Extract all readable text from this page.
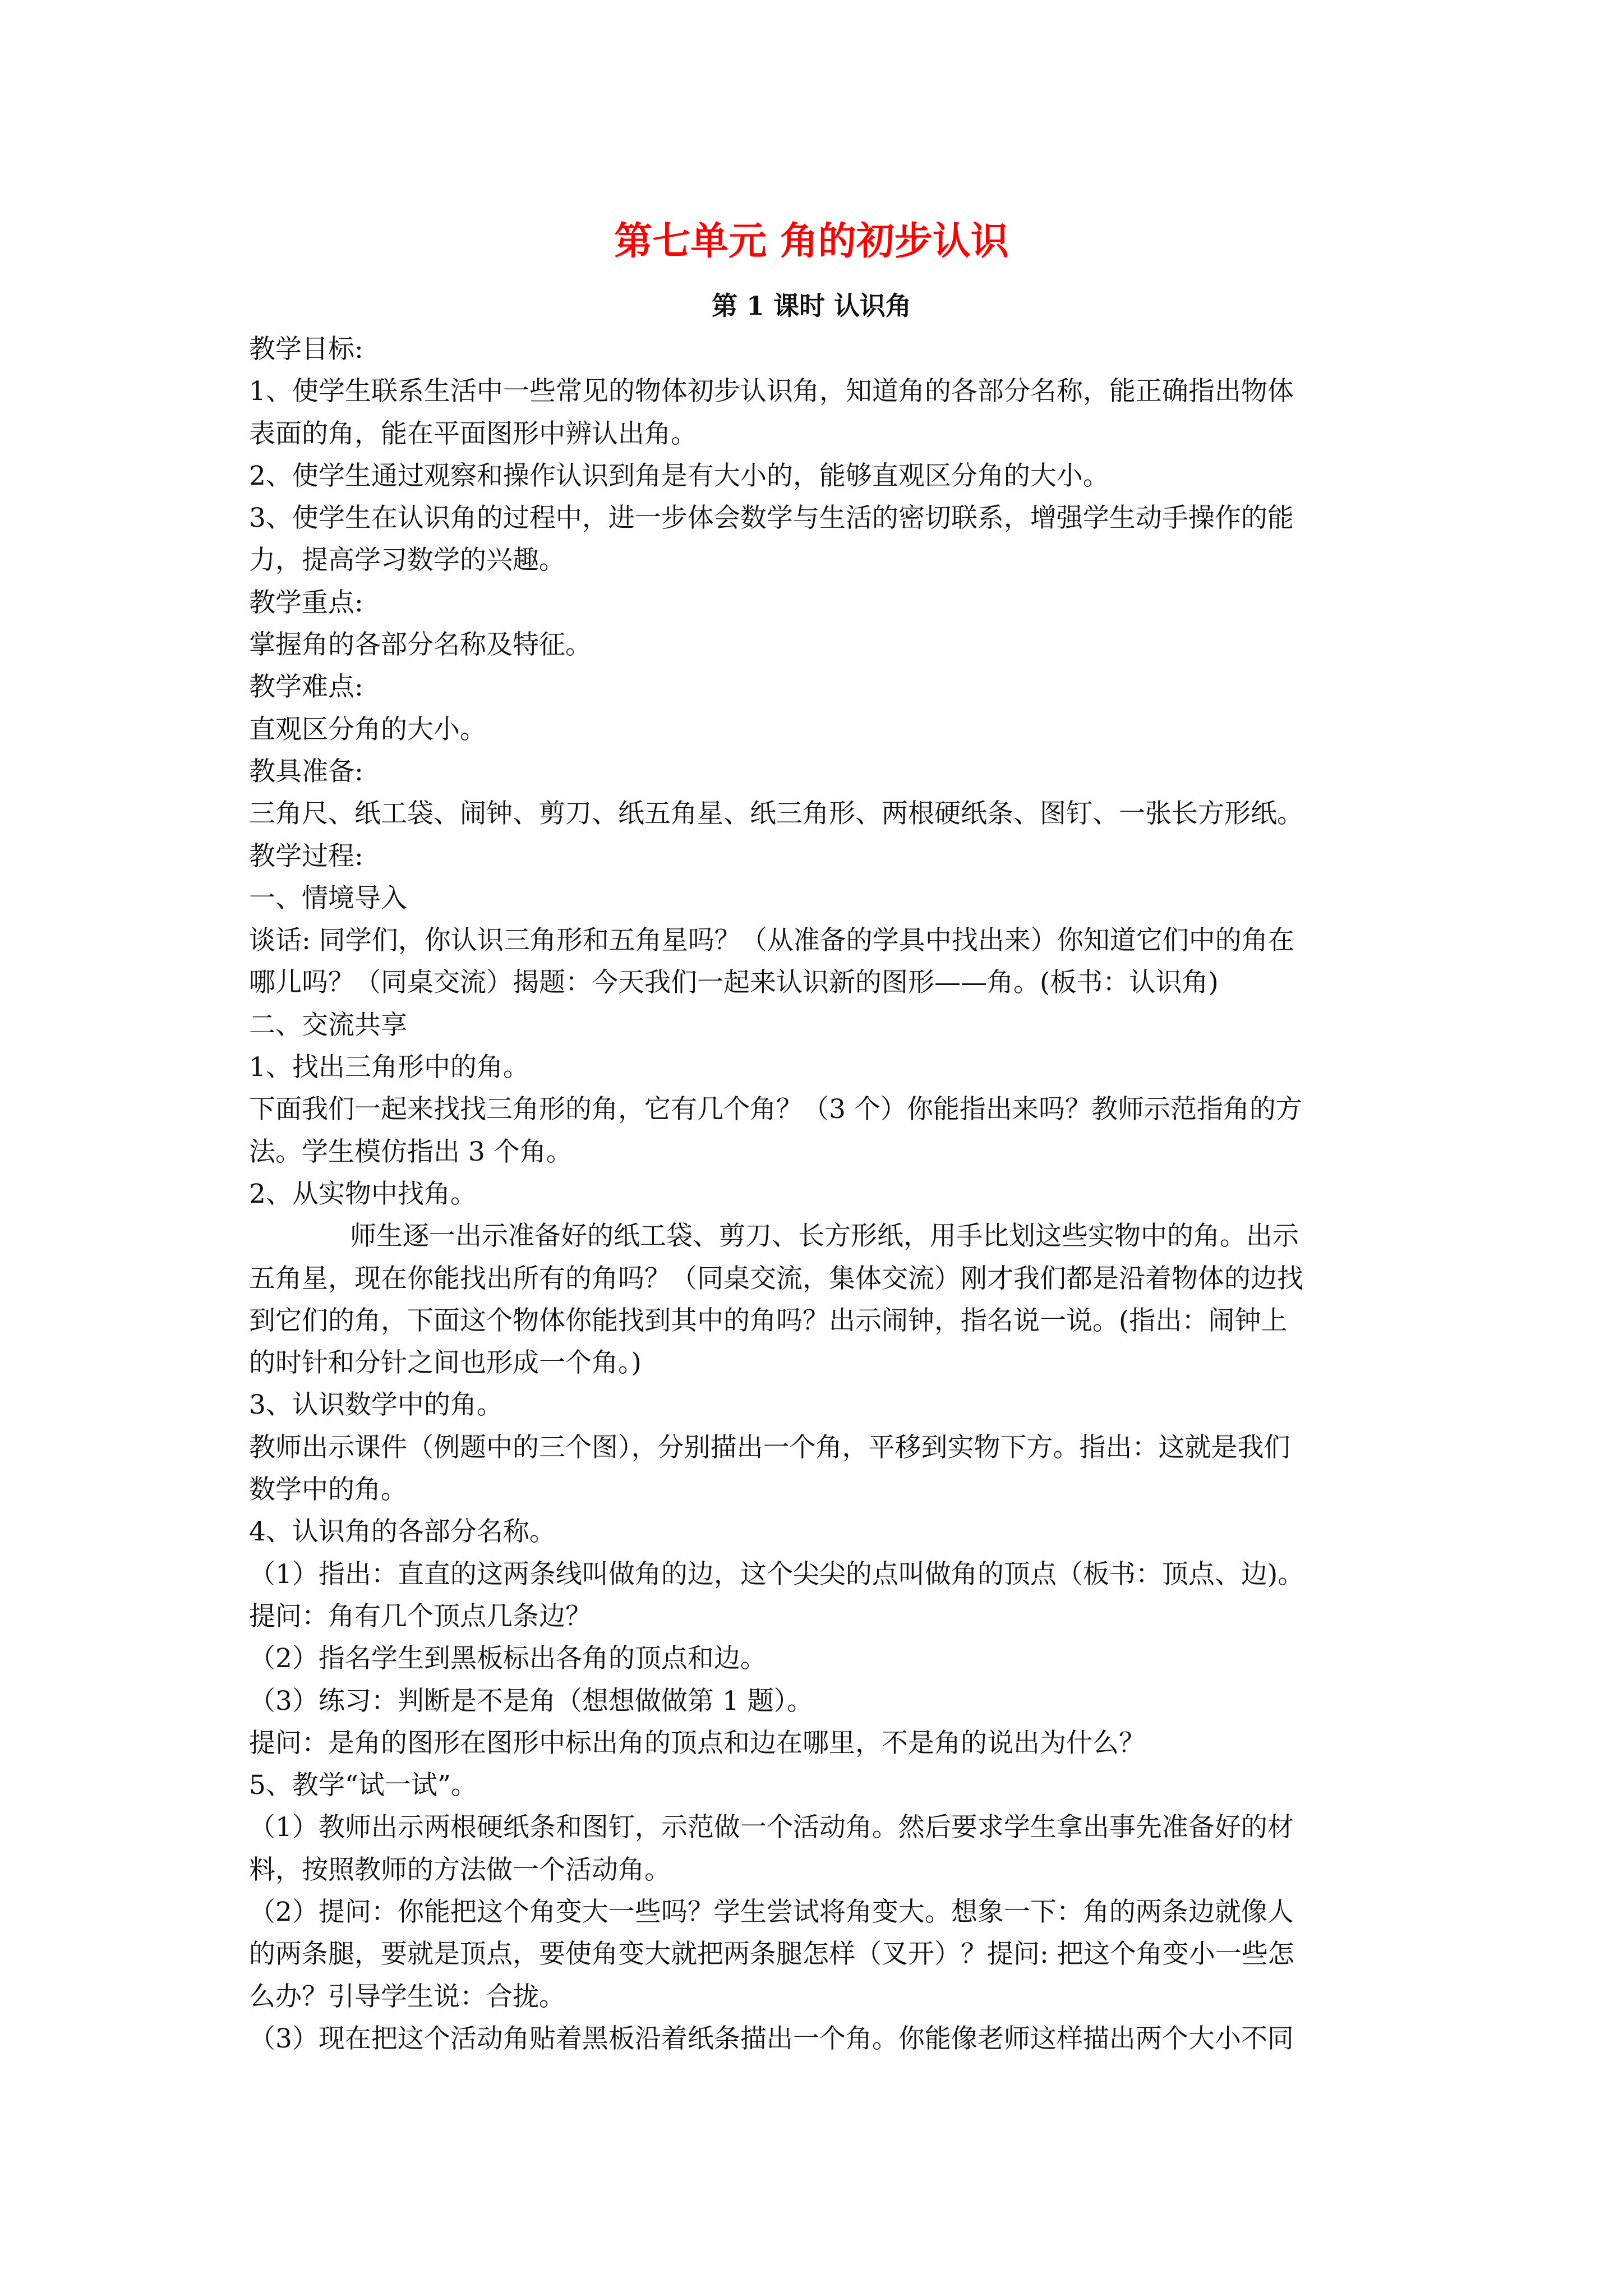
第七单元 角的初步认识
第 1 课时 认识角
教学目标:
1、使学生联系生活中一些常见的物体初步认识角，知道角的各部分名称，能正确指出物体
表面的角，能在平面图形中辨认出角。
2、使学生通过观察和操作认识到角是有大小的，能够直观区分角的大小。
3、使学生在认识角的过程中，进一步体会数学与生活的密切联系，增强学生动手操作的能
力，提高学习数学的兴趣。
教学重点:
掌握角的各部分名称及特征。
教学难点:
直观区分角的大小。
教具准备:
三角尺、纸工袋、闹钟、剪刀、纸五角星、纸三角形、两根硬纸条、图钉、一张长方形纸。
教学过程:
一、情境导入
谈话: 同学们，你认识三角形和五角星吗？（从准备的学具中找出来）你知道它们中的角在
哪儿吗？（同桌交流）揭题：今天我们一起来认识新的图形——角。(板书：认识角)
二、交流共享
1、找出三角形中的角。
下面我们一起来找找三角形的角，它有几个角？（3 个）你能指出来吗？教师示范指角的方
法。学生模仿指出 3 个角。
2、从实物中找角。
师生逐一出示准备好的纸工袋、剪刀、长方形纸，用手比划这些实物中的角。出示
五角星，现在你能找出所有的角吗？（同桌交流，集体交流）刚才我们都是沿着物体的边找
到它们的角，下面这个物体你能找到其中的角吗？出示闹钟，指名说一说。(指出：闹钟上
的时针和分针之间也形成一个角。)
3、认识数学中的角。
教师出示课件（例题中的三个图），分别描出一个角，平移到实物下方。指出：这就是我们
数学中的角。
4、认识角的各部分名称。
（1）指出：直直的这两条线叫做角的边，这个尖尖的点叫做角的顶点（板书：顶点、边)。
提问：角有几个顶点几条边？
（2）指名学生到黑板标出各角的顶点和边。
（3）练习：判断是不是角（想想做做第 1 题）。
提问：是角的图形在图形中标出角的顶点和边在哪里，不是角的说出为什么？
5、教学“试一试”。
（1）教师出示两根硬纸条和图钉，示范做一个活动角。然后要求学生拿出事先准备好的材
料，按照教师的方法做一个活动角。
（2）提问：你能把这个角变大一些吗？学生尝试将角变大。想象一下：角的两条边就像人
的两条腿，要就是顶点，要使角变大就把两条腿怎样（叉开）？提问: 把这个角变小一些怎
么办？引导学生说：合拢。
（3）现在把这个活动角贴着黑板沿着纸条描出一个角。你能像老师这样描出两个大小不同
